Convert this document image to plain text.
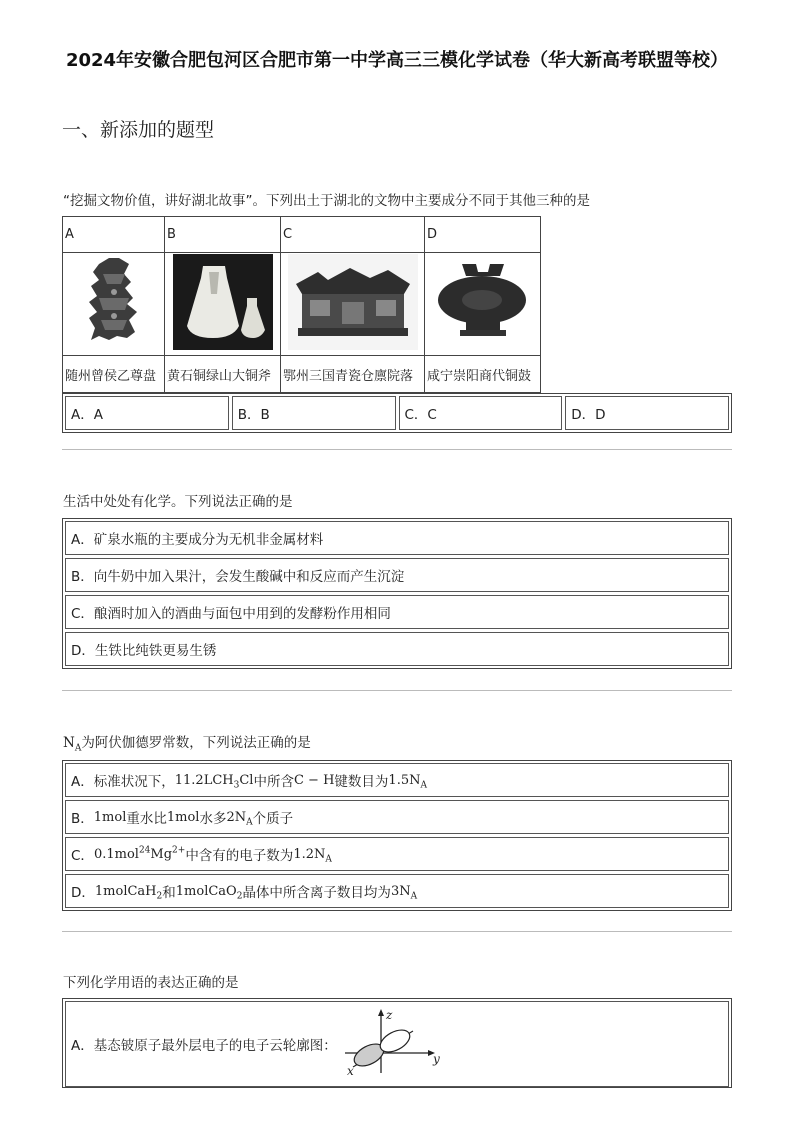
2024年安徽合肥包河区合肥市第一中学高三三模化学试卷（华大新高考联盟等校）
一、新添加的题型
“挖掘文物价值，讲好湖北故事”。下列出土于湖北的文物中主要成分不同于其他三种的是
A	B	C	D

随州曾侯乙尊盘	黄石铜绿山大铜斧	鄂州三国青瓷仓廪院落	咸宁崇阳商代铜鼓
A．A	B．B	C．C	D．D
生活中处处有化学。下列说法正确的是
A．矿泉水瓶的主要成分为无机非金属材料
B．向牛奶中加入果汁，会发生酸碱中和反应而产生沉淀
C．酿酒时加入的酒曲与面包中用到的发酵粉作用相同
D．生铁比纯铁更易生锈
$N_A$为阿伏伽德罗常数，下列说法正确的是
A．标准状况下， $11.2LCH_3Cl$ 中所含 C − H 键数目为 $1.5N_A$
B． 1mol 重水比 1mol 水多 $2N_A$ 个质子
C． $0.1mol^{24}Mg^{2+}$ 中含有的电子数为 $1.2N_A$
D． 1molCaH$_2$ 和 1molCaO$_2$ 晶体中所含离子数目均为 $3N_A$
下列化学用语的表达正确的是
A．基态铍原子最外层电子的电子云轮廓图：
z
y
x
